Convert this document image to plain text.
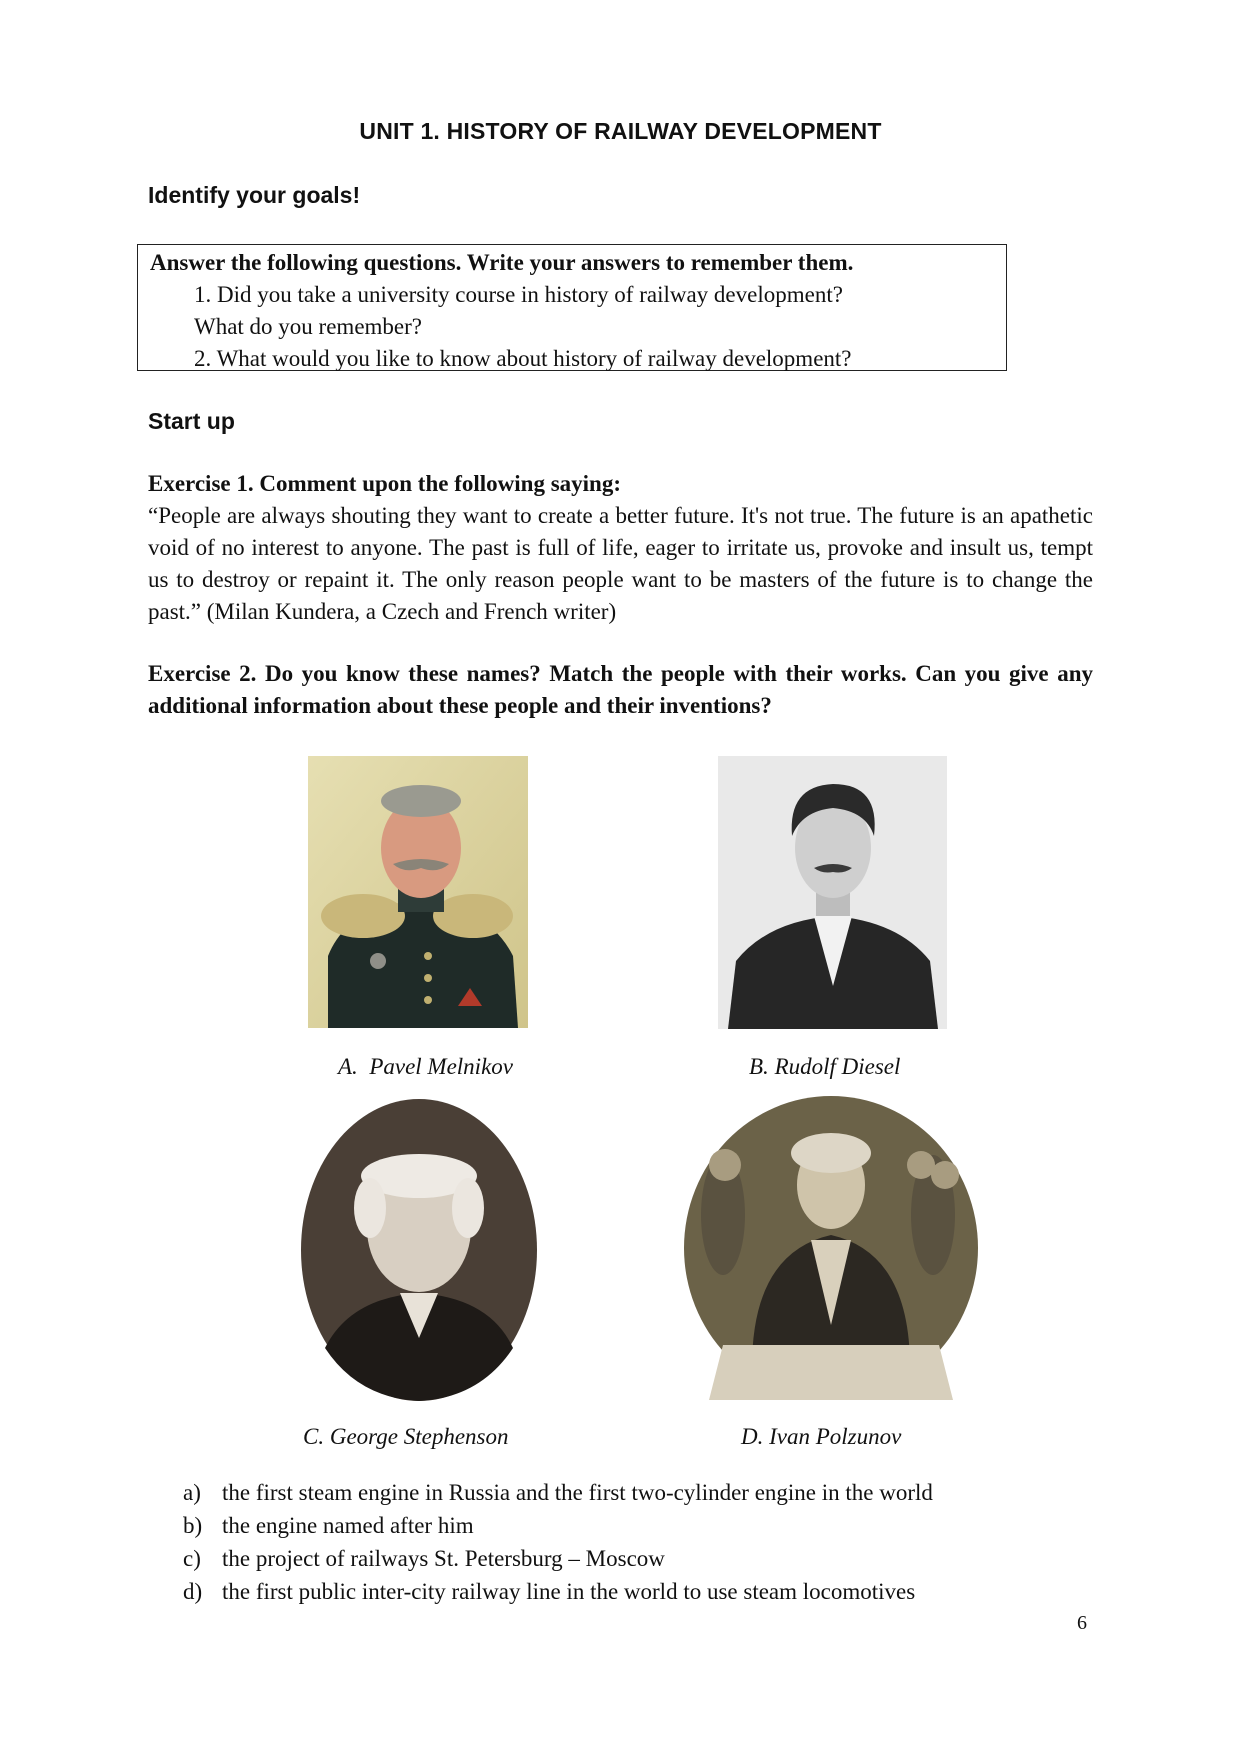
UNIT 1. HISTORY OF RAILWAY DEVELOPMENT
Identify your goals!
Answer the following questions. Write your answers to remember them.
1. Did you take a university course in history of railway development?
What do you remember?
2. What would you like to know about history of railway development?
Start up
Exercise 1. Comment upon the following saying:
“People are always shouting they want to create a better future. It's not true. The future is an apathetic void of no interest to anyone. The past is full of life, eager to irritate us, provoke and insult us, tempt us to destroy or repaint it. The only reason people want to be masters of the future is to change the past.” (Milan Kundera, a Czech and French writer)
Exercise 2. Do you know these names? Match the people with their works. Can you give any additional information about these people and their inventions?
A. Pavel Melnikov	B. Rudolf Diesel
C. George Stephenson	D. Ivan Polzunov
a) the first steam engine in Russia and the first two-cylinder engine in the world
b) the engine named after him
c) the project of railways St. Petersburg – Moscow
d) the first public inter-city railway line in the world to use steam locomotives
6
